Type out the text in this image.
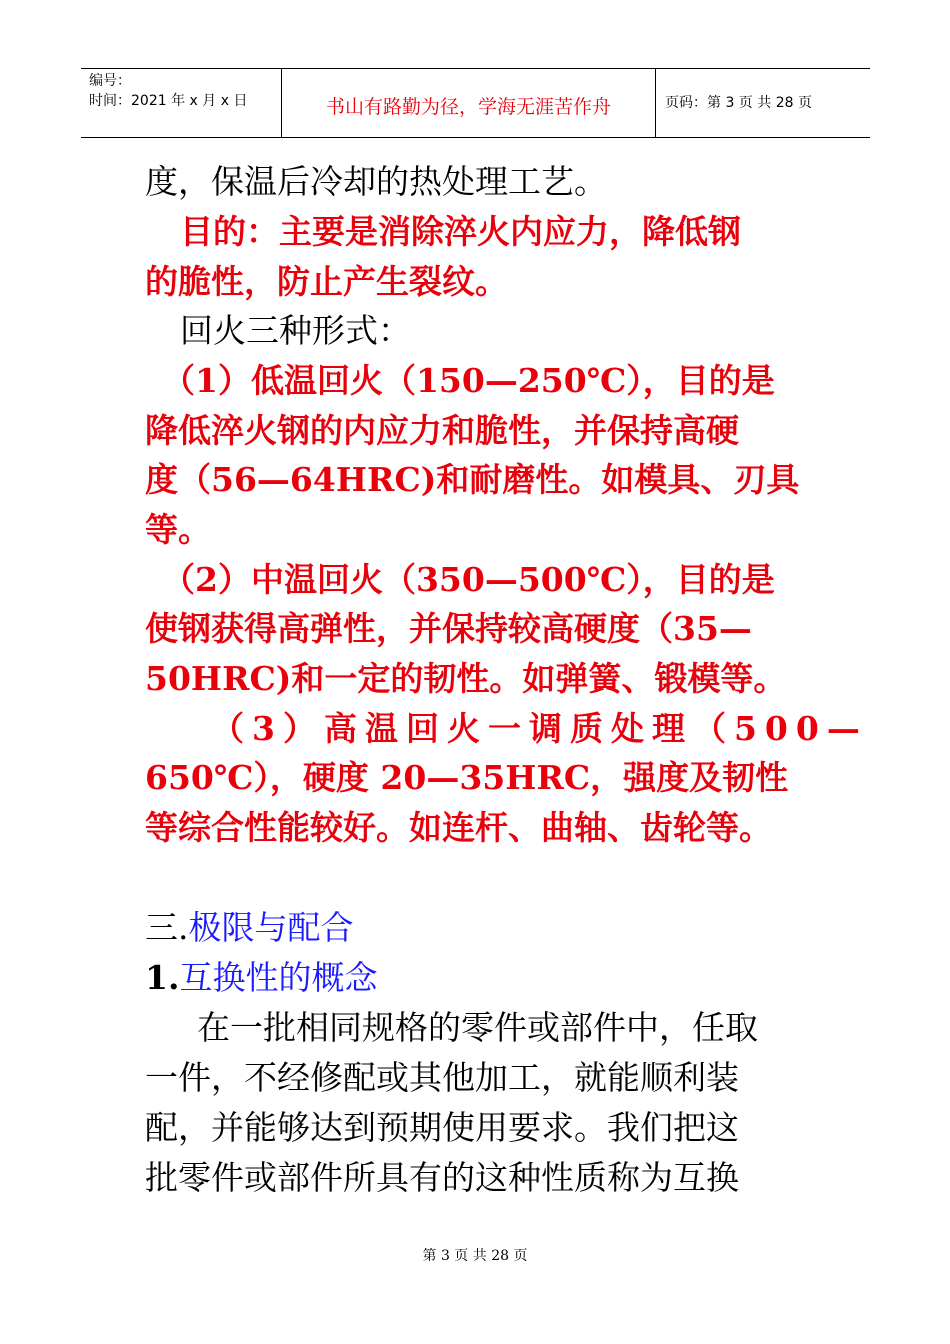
编号：
时间：2021 年 x 月 x 日	书山有路勤为径，学海无涯苦作舟	页码：第 3 页 共 28 页
度，保温后冷却的热处理工艺。
目的：主要是消除淬火内应力，降低钢
的脆性，防止产生裂纹。
回火三种形式：
（1）低温回火（150—250℃），目的是
降低淬火钢的内应力和脆性，并保持高硬
度（56—64HRC)和耐磨性。如模具、刃具
等。
（2）中温回火（350—500℃），目的是
使钢获得高弹性，并保持较高硬度（35—
50HRC)和一定的韧性。如弹簧、锻模等。
（3）高温回火一调质处理（500—
650℃），硬度 20—35HRC，强度及韧性
等综合性能较好。如连杆、曲轴、齿轮等。
三.极限与配合
1.互换性的概念
在一批相同规格的零件或部件中，任取
一件，不经修配或其他加工，就能顺利装
配，并能够达到预期使用要求。我们把这
批零件或部件所具有的这种性质称为互换
第 3 页 共 28 页
